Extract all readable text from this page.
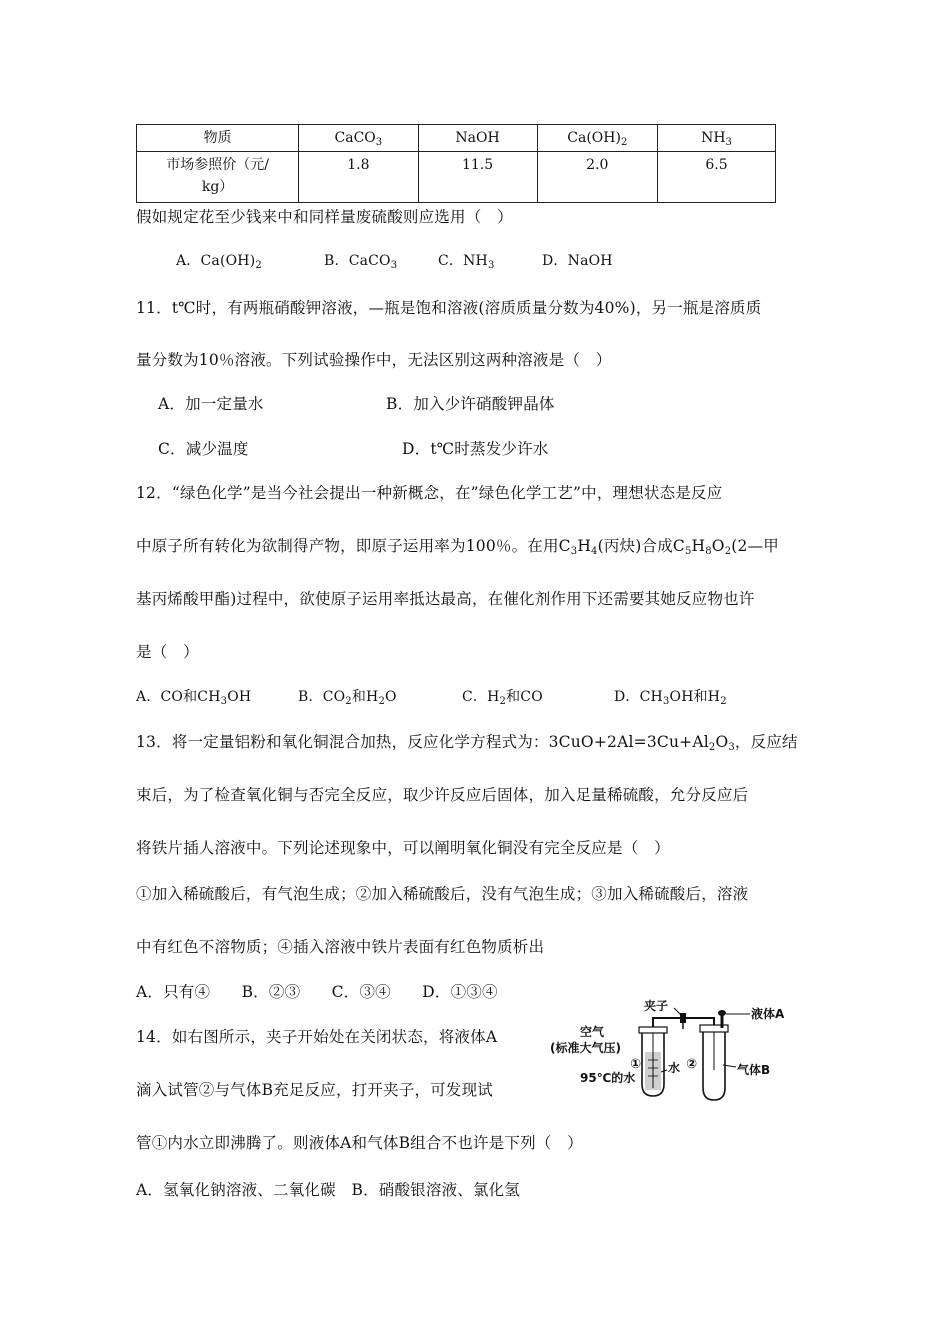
物质	CaCO$_3$	NaOH	$Ca(OH)_2$	$NH_3$
市场参照价（元/
kg）	1.8	11.5	2.0	6.5
假如规定花至少钱来中和同样量废硫酸则应选用（　）
A．$Ca(OH)_2$	B．CaCO$_3$	C．$NH_3$	D．NaOH
11．t℃时，有两瓶硝酸钾溶液，—瓶是饱和溶液(溶质质量分数为40%)，另一瓶是溶质质
量分数为10％溶液。下列试验操作中，无法区别这两种溶液是（　）
A．加一定量水	B．加入少许硝酸钾晶体
C．减少温度	D．t℃时蒸发少许水
12．“绿色化学”是当今社会提出一种新概念，在”绿色化学工艺”中，理想状态是反应
中原子所有转化为欲制得产物，即原子运用率为100％。在用$C_3H_4$(丙炔)合成$C_5H_8O_2(2—$甲
基丙烯酸甲酯)过程中，欲使原子运用率抵达最高，在催化剂作用下还需要其她反应物也许
是（　）
A．CO和$CH_3OH$	B．$CO_2$和$H_2O$	C．$H_2$和CO	D．$CH_3OH$和$H_2$
13．将一定量铝粉和氧化铜混合加热，反应化学方程式为：$3CuO+2Al=3Cu+Al_2O_3$，反应结
束后，为了检查氧化铜与否完全反应，取少许反应后固体，加入足量稀硫酸，允分反应后
将铁片插人溶液中。下列论述现象中，可以阐明氧化铜没有完全反应是（　）
①加入稀硫酸后，有气泡生成；②加入稀硫酸后，没有气泡生成；③加入稀硫酸后，溶液
中有红色不溶物质；④插入溶液中铁片表面有红色物质析出
A．只有④　　B．②③　　C．③④　　D．①③④
14．如右图所示，夹子开始处在关闭状态，将液体A
滴入试管②与气体B充足反应，打开夹子，可发现试
管①内水立即沸腾了。则液体A和气体B组合不也许是下列（　）
A．氢氧化钠溶液、二氧化碳　B．硝酸银溶液、氯化氢
夹子
液体A
空气
(标准大气压)
水
95℃的水
气体B
①	②
